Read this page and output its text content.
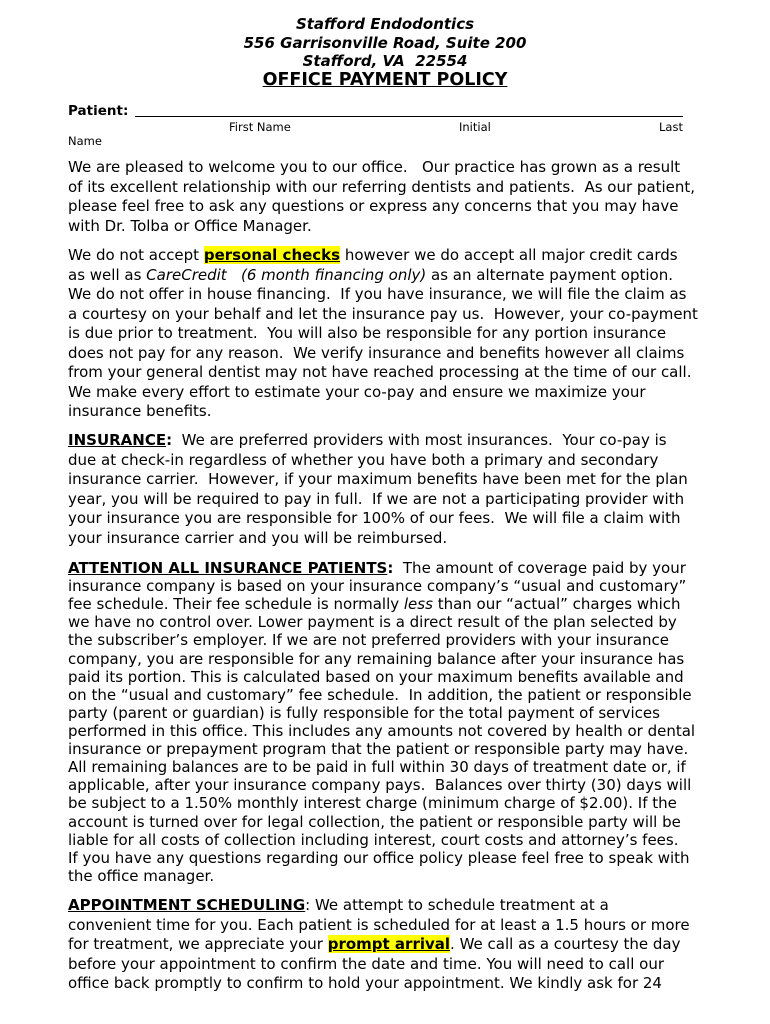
Stafford Endodontics
556 Garrisonville Road, Suite 200
Stafford, VA  22554
OFFICE PAYMENT POLICY
Patient:
First Name	Initial	Last
Name
We are pleased to welcome you to our office.   Our practice has grown as a result
of its excellent relationship with our referring dentists and patients.  As our patient,
please feel free to ask any questions or express any concerns that you may have
with Dr. Tolba or Office Manager.
We do not accept personal checks however we do accept all major credit cards
as well as CareCredit   (6 month financing only) as an alternate payment option.
We do not offer in house financing.  If you have insurance, we will file the claim as
a courtesy on your behalf and let the insurance pay us.  However, your co-payment
is due prior to treatment.  You will also be responsible for any portion insurance
does not pay for any reason.  We verify insurance and benefits however all claims
from your general dentist may not have reached processing at the time of our call.
We make every effort to estimate your co-pay and ensure we maximize your
insurance benefits.
INSURANCE:  We are preferred providers with most insurances.  Your co-pay is
due at check-in regardless of whether you have both a primary and secondary
insurance carrier.  However, if your maximum benefits have been met for the plan
year, you will be required to pay in full.  If we are not a participating provider with
your insurance you are responsible for 100% of our fees.  We will file a claim with
your insurance carrier and you will be reimbursed.
ATTENTION ALL INSURANCE PATIENTS:  The amount of coverage paid by your
insurance company is based on your insurance company’s “usual and customary”
fee schedule. Their fee schedule is normally less than our “actual” charges which
we have no control over. Lower payment is a direct result of the plan selected by
the subscriber’s employer. If we are not preferred providers with your insurance
company, you are responsible for any remaining balance after your insurance has
paid its portion. This is calculated based on your maximum benefits available and
on the “usual and customary” fee schedule.  In addition, the patient or responsible
party (parent or guardian) is fully responsible for the total payment of services
performed in this office. This includes any amounts not covered by health or dental
insurance or prepayment program that the patient or responsible party may have.
All remaining balances are to be paid in full within 30 days of treatment date or, if
applicable, after your insurance company pays.  Balances over thirty (30) days will
be subject to a 1.50% monthly interest charge (minimum charge of $2.00). If the
account is turned over for legal collection, the patient or responsible party will be
liable for all costs of collection including interest, court costs and attorney’s fees.
If you have any questions regarding our office policy please feel free to speak with
the office manager.
APPOINTMENT SCHEDULING: We attempt to schedule treatment at a
convenient time for you. Each patient is scheduled for at least a 1.5 hours or more
for treatment, we appreciate your prompt arrival. We call as a courtesy the day
before your appointment to confirm the date and time. You will need to call our
office back promptly to confirm to hold your appointment. We kindly ask for 24
